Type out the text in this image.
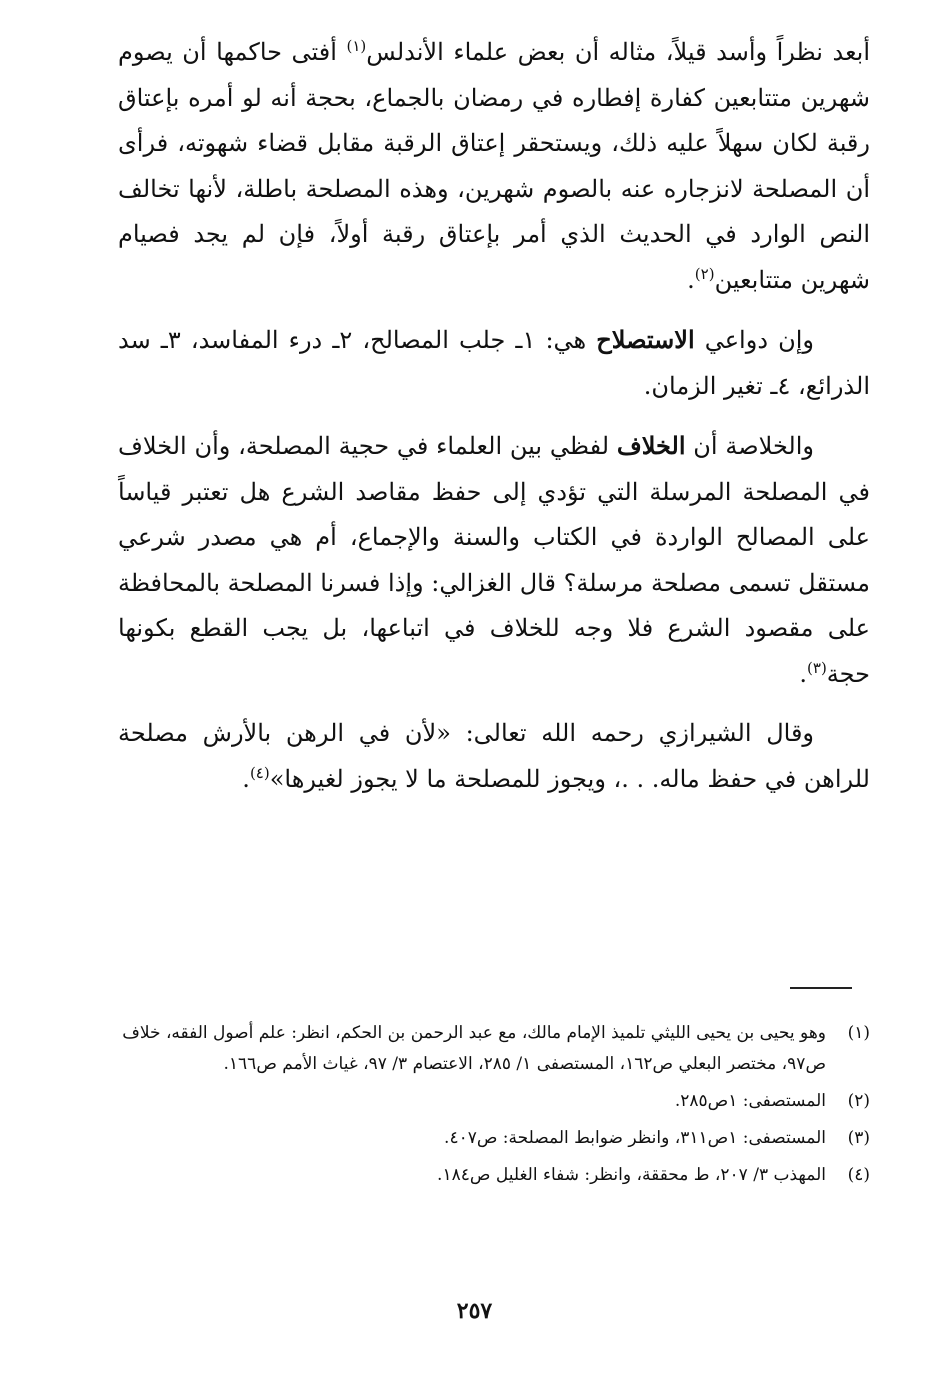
أبعد نظراً وأسد قيلاً، مثاله أن بعض علماء الأندلس$^{(١)}$ أفتى حاكمها أن يصوم شهرين متتابعين كفارة إفطاره في رمضان بالجماع، بحجة أنه لو أمره بإعتاق رقبة لكان سهلاً عليه ذلك، ويستحقر إعتاق الرقبة مقابل قضاء شهوته، فرأى أن المصلحة لانزجاره عنه بالصوم شهرين، وهذه المصلحة باطلة، لأنها تخالف النص الوارد في الحديث الذي أمر بإعتاق رقبة أولاً، فإن لم يجد فصيام شهرين متتابعين$^{(٢)}$.

وإن دواعي الاستصلاح هي: ١ـ جلب المصالح، ٢ـ درء المفاسد، ٣ـ سد الذرائع، ٤ـ تغير الزمان.

والخلاصة أن الخلاف لفظي بين العلماء في حجية المصلحة، وأن الخلاف في المصلحة المرسلة التي تؤدي إلى حفظ مقاصد الشرع هل تعتبر قياساً على المصالح الواردة في الكتاب والسنة والإجماع، أم هي مصدر شرعي مستقل تسمى مصلحة مرسلة؟ قال الغزالي: وإذا فسرنا المصلحة بالمحافظة على مقصود الشرع فلا وجه للخلاف في اتباعها، بل يجب القطع بكونها حجة$^{(٣)}$.

وقال الشيرازي رحمه الله تعالى: «لأن في الرهن بالأرش مصلحة للراهن في حفظ ماله. . .، ويجوز للمصلحة ما لا يجوز لغيرها»$^{(٤)}$.

(١)
وهو يحيى بن يحيى الليثي تلميذ الإمام مالك، مع عبد الرحمن بن الحكم، انظر: علم أصول الفقه، خلاف ص٩٧، مختصر البعلي ص١٦٢، المستصفى ١/ ٢٨٥، الاعتصام ٣/ ٩٧، غياث الأمم ص١٦٦.
(٢)
المستصفى: ١ص٢٨٥.
(٣)
المستصفى: ١ص٣١١، وانظر ضوابط المصلحة: ص٤٠٧.
(٤)
المهذب ٣/ ٢٠٧، ط محققة، وانظر: شفاء الغليل ص١٨٤.
٢٥٧
